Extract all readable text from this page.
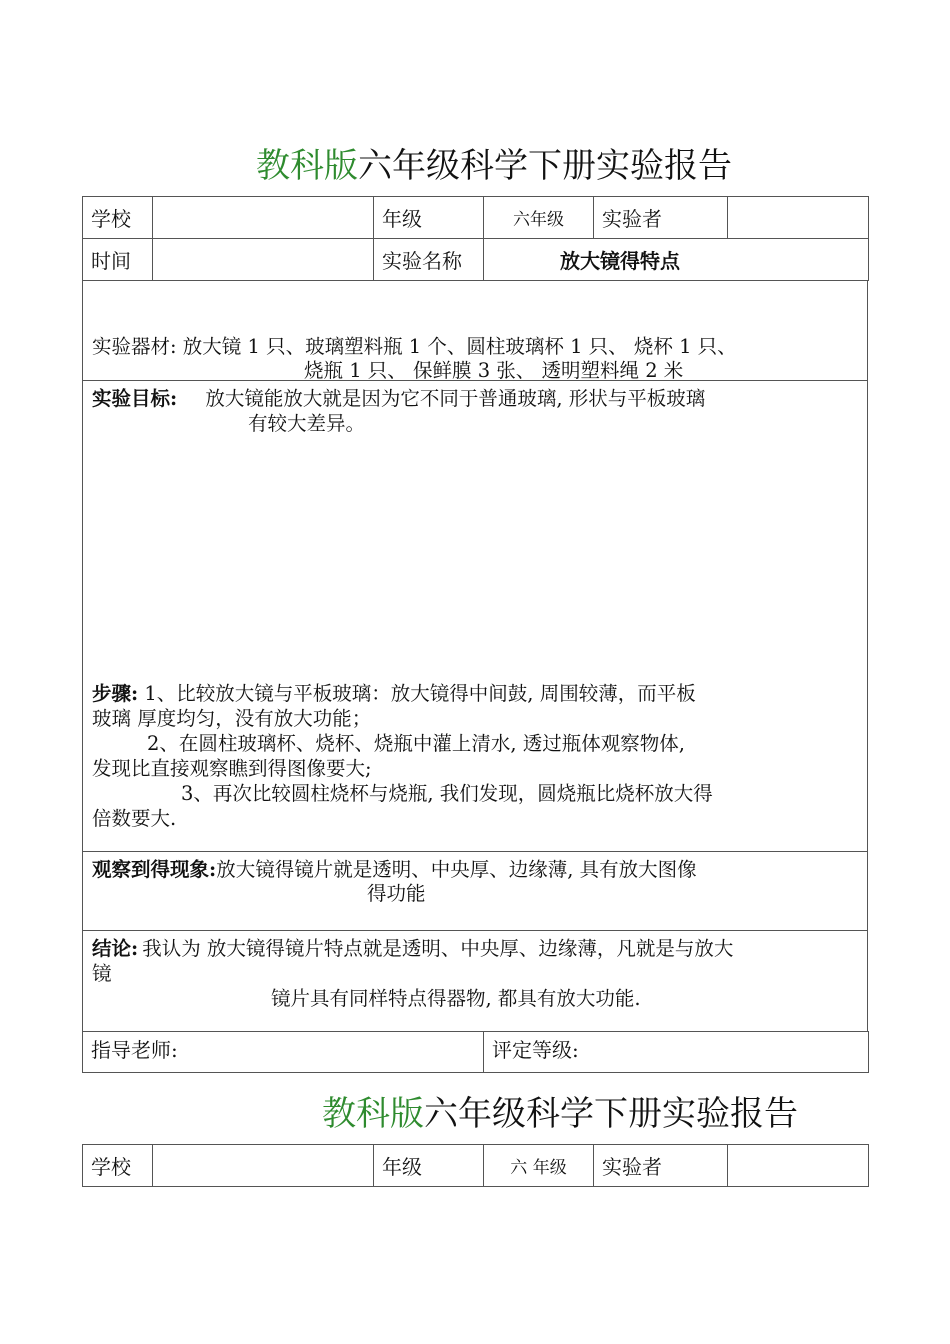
教科版六年级科学下册实验报告
学校		年级	六年级	实验者	
时间		实验名称	放大镜得特点		
实验器材: 放大镜 1 只、玻璃塑料瓶 1 个、圆柱玻璃杯 1 只、 烧杯 1 只、
烧瓶 1 只、 保鲜膜 3 张、 透明塑料绳 2 米
实验目标: 放大镜能放大就是因为它不同于普通玻璃, 形状与平板玻璃
有较大差异。
步骤: 1、比较放大镜与平板玻璃：放大镜得中间鼓, 周围较薄，而平板
玻璃 厚度均匀，没有放大功能；
2、在圆柱玻璃杯、烧杯、烧瓶中灌上清水, 透过瓶体观察物体,
发现比直接观察瞧到得图像要大;
3、再次比较圆柱烧杯与烧瓶, 我们发现，圆烧瓶比烧杯放大得
倍数要大.
观察到得现象:放大镜得镜片就是透明、中央厚、边缘薄, 具有放大图像
得功能
结论: 我认为 放大镜得镜片特点就是透明、中央厚、边缘薄，凡就是与放大
镜
镜片具有同样特点得器物, 都具有放大功能.
指导老师:	评定等级:
教科版六年级科学下册实验报告
学校		年级	六 年级	实验者	
